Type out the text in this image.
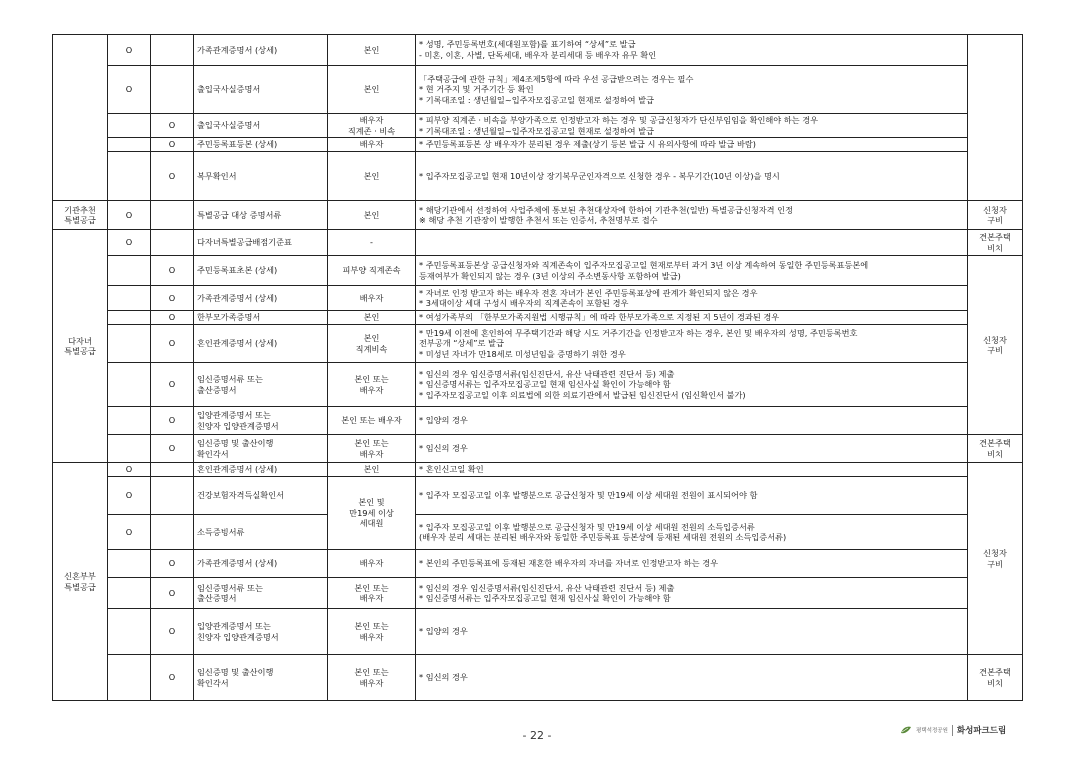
	O		가족관계증명서 (상세)	본인	* 성명, 주민등록번호(세대원포함)를 표기하여 “상세”로 발급
- 미혼, 이혼, 사별, 단독세대, 배우자 분리세대 등 배우자 유무 확인	

	O		출입국사실증명서	본인	「주택공급에 관한 규칙」제4조제5항에 따라 우선 공급받으려는 경우는 필수
* 현 거주지 및 거주기간 등 확인
* 기록대조일 : 생년월일~입주자모집공고일 현재로 설정하여 발급	

		O	출입국사실증명서	배우자
직계존 · 비속	* 피부양 직계존 · 비속을 부양가족으로 인정받고자 하는 경우 및 공급신청자가 단신부임임을 확인해야 하는 경우
* 기록대조일 : 생년월일~입주자모집공고일 현재로 설정하여 발급	

		O	주민등록표등본 (상세)	배우자	* 주민등록표등본 상 배우자가 분리된 경우 제출(상기 등본 발급 시 유의사항에 따라 발급 바람)	

		O	복무확인서	본인	* 입주자모집공고일 현재 10년이상 장기복무군인자격으로 신청한 경우 - 복무기간(10년 이상)을 명시	

기관추천
특별공급	O		특별공급 대상 증명서류	본인	* 해당기관에서 선정하여 사업주체에 통보된 추천대상자에 한하여 기관추천(일반) 특별공급신청자격 인정
※ 해당 추천 기관장이 발행한 추천서 또는 인증서, 추천명부로 접수	신청자
구비

다자녀
특별공급	O		다자녀특별공급배점기준표	-		견본주택
비치

		O	주민등록표초본 (상세)	피부양 직계존속	* 주민등록표등본상 공급신청자와 직계존속이 입주자모집공고일 현재로부터 과거 3년 이상 계속하여 동일한 주민등록표등본에
등재여부가 확인되지 않는 경우 (3년 이상의 주소변동사항 포함하여 발급)	신청자
구비

		O	가족관계증명서 (상세)	배우자	* 자녀로 인정 받고자 하는 배우자 전혼 자녀가 본인 주민등록표상에 관계가 확인되지 않은 경우
* 3세대이상 세대 구성시 배우자의 직계존속이 포함된 경우	

		O	한부모가족증명서	본인	* 여성가족부의 「한부모가족지원법 시행규칙」에 따라 한부모가족으로 지정된 지 5년이 경과된 경우	

		O	혼인관계증명서 (상세)	본인
직계비속	* 만19세 이전에 혼인하여 무주택기간과 해당 시도 거주기간을 인정받고자 하는 경우, 본인 및 배우자의 성명, 주민등록번호
전부공개 “상세”로 발급
* 미성년 자녀가 만18세로 미성년임을 증명하기 위한 경우	

		O	임신증명서류 또는
출산증명서	본인 또는
배우자	* 임신의 경우 임신증명서류(임신진단서, 유산 낙태관련 진단서 등) 제출
* 임신증명서류는 입주자모집공고일 현재 임신사실 확인이 가능해야 함
* 입주자모집공고일 이후 의료법에 의한 의료기관에서 발급된 임신진단서 (임신확인서 불가)	

		O	입양관계증명서 또는
친양자 입양관계증명서	본인 또는 배우자	* 입양의 경우	

		O	임신증명 및 출산이행
확인각서	본인 또는
배우자	* 임신의 경우	견본주택
비치

신혼부부
특별공급	O		혼인관계증명서 (상세)	본인	* 혼인신고일 확인	신청자
구비

	O		건강보험자격득실확인서	본인 및
만19세 이상
세대원	* 입주자 모집공고일 이후 발행분으로 공급신청자 및 만19세 이상 세대원 전원이 표시되어야 함	

	O		소득증빙서류		* 입주자 모집공고일 이후 발행분으로 공급신청자 및 만19세 이상 세대원 전원의 소득입증서류
(배우자 분리 세대는 분리된 배우자와 동일한 주민등록표 등본상에 등재된 세대원 전원의 소득입증서류)	

		O	가족관계증명서 (상세)	배우자	* 본인의 주민등록표에 등재된 재혼한 배우자의 자녀를 자녀로 인정받고자 하는 경우	

		O	임신증명서류 또는
출산증명서	본인 또는
배우자	* 임신의 경우 임신증명서류(임신진단서, 유산 낙태관련 진단서 등) 제출
* 임신증명서류는 입주자모집공고일 현재 임신사실 확인이 가능해야 함	

		O	입양관계증명서 또는
친양자 입양관계증명서	본인 또는
배우자	* 입양의 경우	

		O	임신증명 및 출산이행
확인각서	본인 또는
배우자	* 임신의 경우	견본주택
비치
- 22 -	평택석정공원 화성파크드림
